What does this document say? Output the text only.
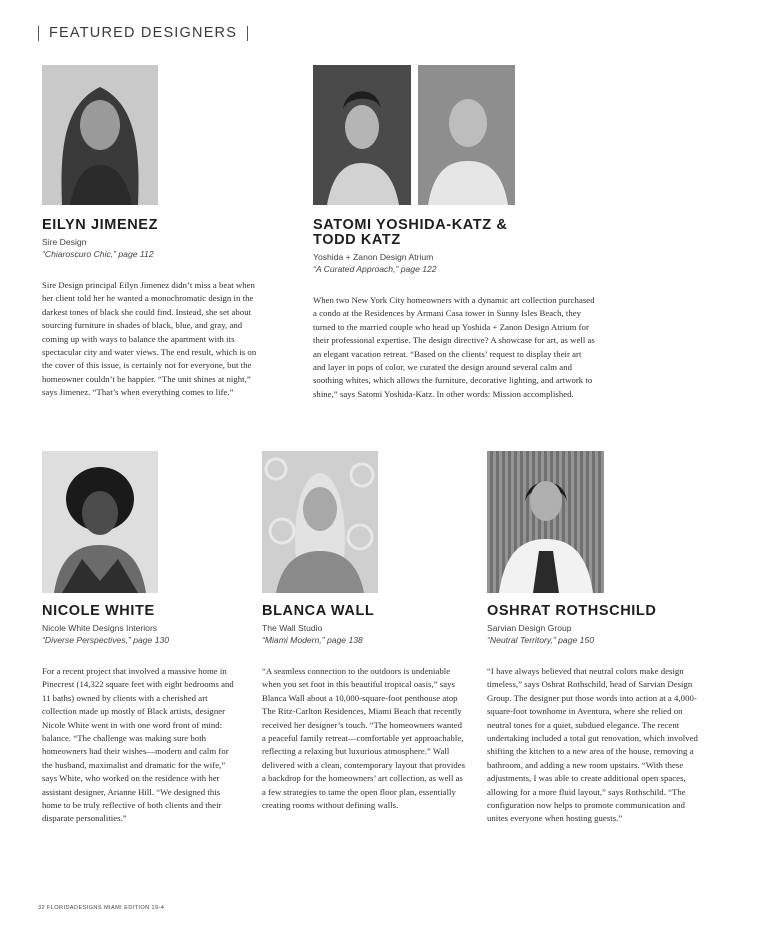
FEATURED DESIGNERS
EILYN JIMENEZ
Sire Design
“Chiaroscuro Chic,” page 112

Sire Design principal Eilyn Jimenez didn’t miss a beat when her client told her he wanted a monochromatic design in the darkest tones of black she could find. Instead, she set about sourcing furniture in shades of black, blue, and gray, and coming up with ways to balance the apartment with its spectacular city and water views. The end result, which is on the cover of this issue, is certainly not for everyone, but the homeowner couldn’t be happier. “The unit shines at night,” says Jimenez. “That’s when everything comes to life.”

SATOMI YOSHIDA-KATZ & TODD KATZ
Yoshida + Zanon Design Atrium
“A Curated Approach,” page 122

When two New York City homeowners with a dynamic art collection purchased a condo at the Residences by Armani Casa tower in Sunny Isles Beach, they turned to the married couple who head up Yoshida + Zanon Design Atrium for their professional expertise. The design directive? A showcase for art, as well as an elegant vacation retreat. “Based on the clients’ request to display their art and layer in pops of color, we curated the design around several calm and soothing whites, which allows the furniture, decorative lighting, and artwork to shine,” says Satomi Yoshida-Katz. In other words: Mission accomplished.

NICOLE WHITE
Nicole White Designs Interiors
“Diverse Perspectives,” page 130

For a recent project that involved a massive home in Pinecrest (14,322 square feet with eight bedrooms and 11 baths) owned by clients with a cherished art collection made up mostly of Black artists, designer Nicole White went in with one word front of mind: balance. “The challenge was making sure both homeowners had their wishes—modern and calm for the husband, maximalist and dramatic for the wife,” says White, who worked on the residence with her assistant designer, Arianne Hill. “We designed this home to be truly reflective of both clients and their disparate personalities.”

BLANCA WALL
The Wall Studio
“Miami Modern,” page 138

“A seamless connection to the outdoors is undeniable when you set foot in this beautiful tropical oasis,” says Blanca Wall about a 10,000-square-foot penthouse atop The Ritz-Carlton Residences, Miami Beach that recently received her designer’s touch. “The homeowners wanted a peaceful family retreat—comfortable yet approachable, reflecting a relaxing but luxurious atmosphere.” Wall delivered with a clean, contemporary layout that provides a backdrop for the homeowners’ art collection, as well as a few strategies to tame the open floor plan, essentially creating rooms without defining walls.

OSHRAT ROTHSCHILD
Sarvian Design Group
“Neutral Territory,” page 150

“I have always believed that neutral colors make design timeless,” says Oshrat Rothschild, head of Sarvian Design Group. The designer put those words into action at a 4,000-square-foot townhome in Aventura, where she relied on neutral tones for a quiet, subdued elegance. The recent undertaking included a total gut renovation, which involved shifting the kitchen to a new area of the house, removing a bathroom, and adding a new room upstairs. “With these adjustments, I was able to create additional open spaces, allowing for a more fluid layout,” says Rothschild. “The configuration now helps to promote communication and unites everyone when hosting guests.”

32 FLORIDADESIGNS MIAMI EDITION 19-4
